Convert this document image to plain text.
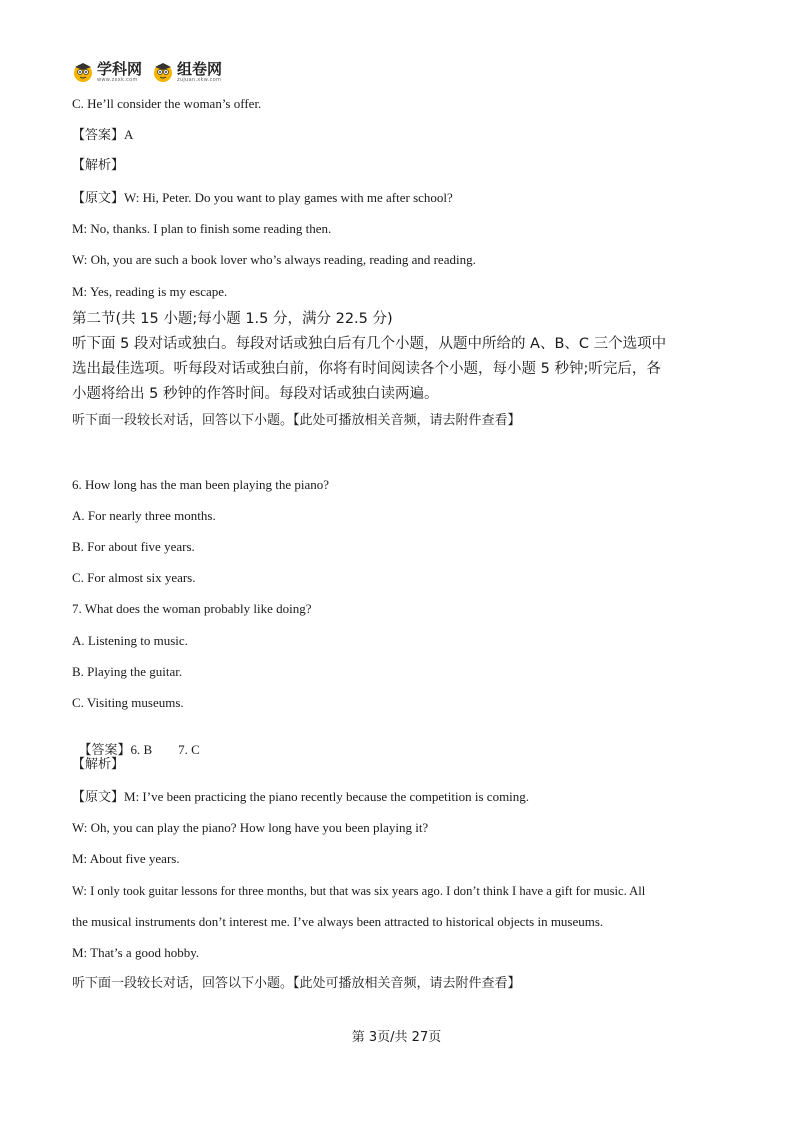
学科网
www.zxxk.com
组卷网
zujuan.xkw.com
C. He’ll consider the woman’s offer.
【答案】A
【解析】
【原文】W: Hi, Peter. Do you want to play games with me after school?
M: No, thanks. I plan to finish some reading then.
W: Oh, you are such a book lover who’s always reading, reading and reading.
M: Yes, reading is my escape.
第二节(共 15 小题;每小题 1.5 分，满分 22.5 分)
听下面 5 段对话或独白。每段对话或独白后有几个小题，从题中所给的 A、B、C 三个选项中
选出最佳选项。听每段对话或独白前，你将有时间阅读各个小题，每小题 5 秒钟;听完后，各
小题将给出 5 秒钟的作答时间。每段对话或独白读两遍。
听下面一段较长对话，回答以下小题。【此处可播放相关音频，请去附件查看】
6. How long has the man been playing the piano?
A. For nearly three months.
B. For about five years.
C. For almost six years.
7. What does the woman probably like doing?
A. Listening to music.
B. Playing the guitar.
C. Visiting museums.

【答案】6. B        7. C

【解析】
【原文】M: I’ve been practicing the piano recently because the competition is coming.
W: Oh, you can play the piano? How long have you been playing it?
M: About five years.
W: I only took guitar lessons for three months, but that was six years ago. I don’t think I have a gift for music. All
the musical instruments don’t interest me. I’ve always been attracted to historical objects in museums.
M: That’s a good hobby.
听下面一段较长对话，回答以下小题。【此处可播放相关音频，请去附件查看】
第 3页/共 27页
